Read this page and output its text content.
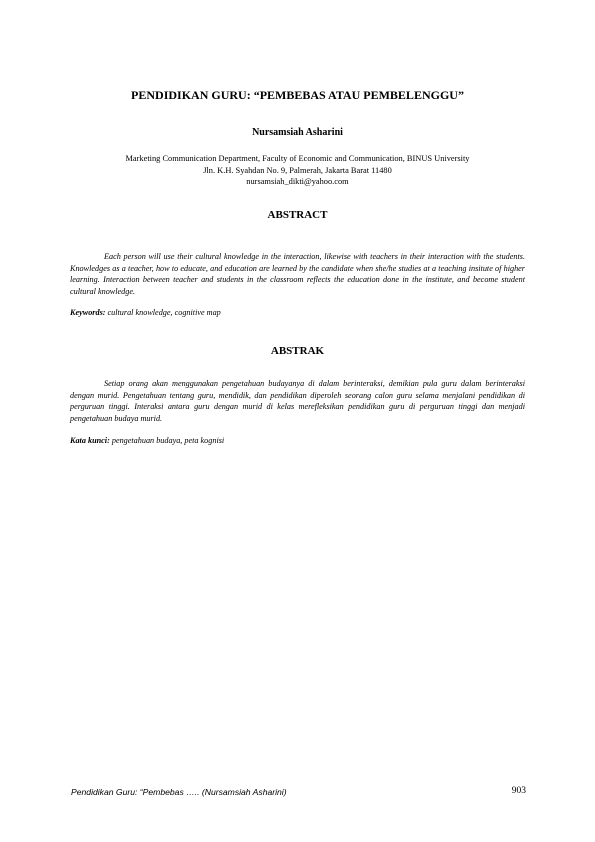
PENDIDIKAN GURU: “PEMBEBAS ATAU PEMBELENGGU”
Nursamsiah Asharini
Marketing Communication Department, Faculty of Economic and Communication, BINUS University
Jln. K.H. Syahdan No. 9, Palmerah, Jakarta Barat 11480
nursamsiah_dikti@yahoo.com
ABSTRACT
Each person will use their cultural knowledge in the interaction, likewise with teachers in their interaction with the students. Knowledges as a teacher, how to educate, and education are learned by the candidate when she/he studies at a teaching insitute of higher learning. Interaction between teacher and students in the classroom reflects the education done in the institute, and become student cultural knowledge.
Keywords: cultural knowledge, cognitive map
ABSTRAK
Setiap orang akan menggunakan pengetahuan budayanya di dalam berinteraksi, demikian pula guru dalam berinteraksi dengan murid. Pengetahuan tentang guru, mendidik, dan pendidikan diperoleh seorang calon guru selama menjalani pendidikan di perguruan tinggi. Interaksi antara guru dengan murid di kelas merefleksikan pendidikan guru di perguruan tinggi dan menjadi pengetahuan budaya murid.
Kata kunci: pengetahuan budaya, peta kognisi
Pendidikan Guru: “Pembebas ….. (Nursamsiah Asharini)	903
